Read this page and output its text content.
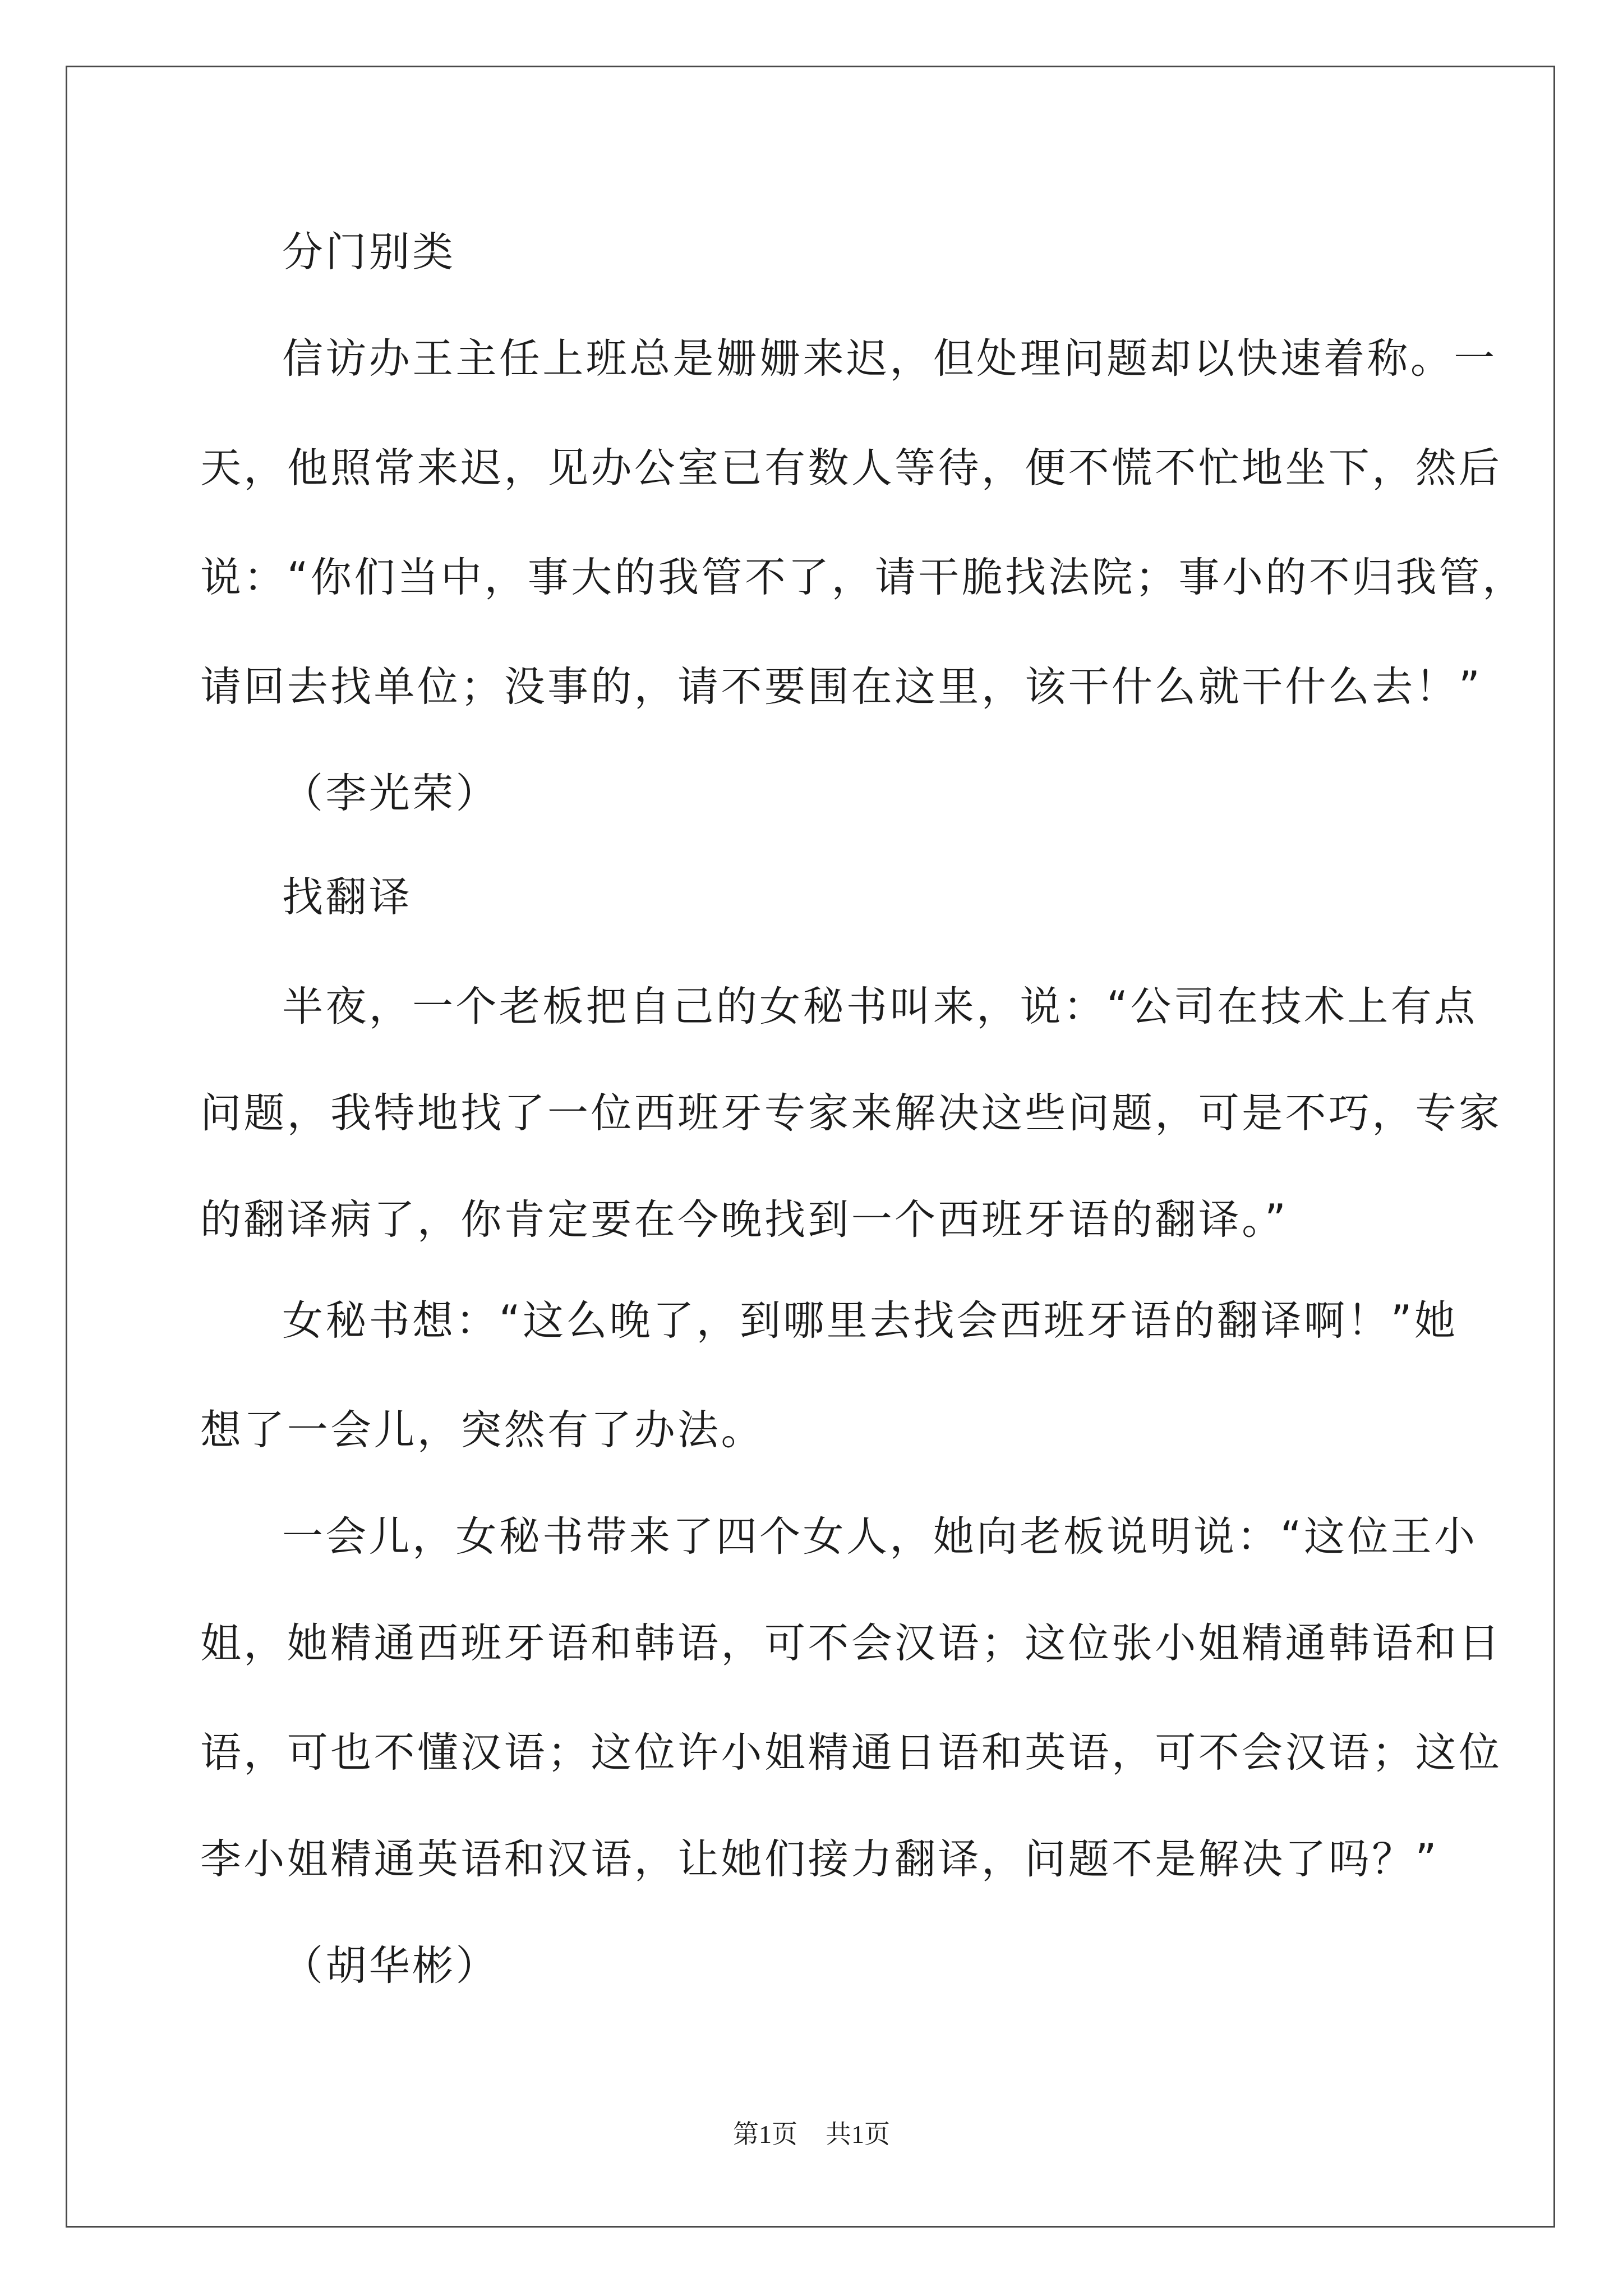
分门别类
信访办王主任上班总是姗姗来迟，但处理问题却以快速着称。一
天，他照常来迟，见办公室已有数人等待，便不慌不忙地坐下，然后
说：“你们当中，事大的我管不了，请干脆找法院；事小的不归我管，
请回去找单位；没事的，请不要围在这里，该干什么就干什么去！”
（李光荣）
找翻译
半夜，一个老板把自己的女秘书叫来，说：“公司在技术上有点
问题，我特地找了一位西班牙专家来解决这些问题，可是不巧，专家
的翻译病了，你肯定要在今晚找到一个西班牙语的翻译。”
女秘书想：“这么晚了，到哪里去找会西班牙语的翻译啊！”她
想了一会儿，突然有了办法。
一会儿，女秘书带来了四个女人，她向老板说明说：“这位王小
姐，她精通西班牙语和韩语，可不会汉语；这位张小姐精通韩语和日
语，可也不懂汉语；这位许小姐精通日语和英语，可不会汉语；这位
李小姐精通英语和汉语，让她们接力翻译，问题不是解决了吗？”
（胡华彬）
第1页 共1页
